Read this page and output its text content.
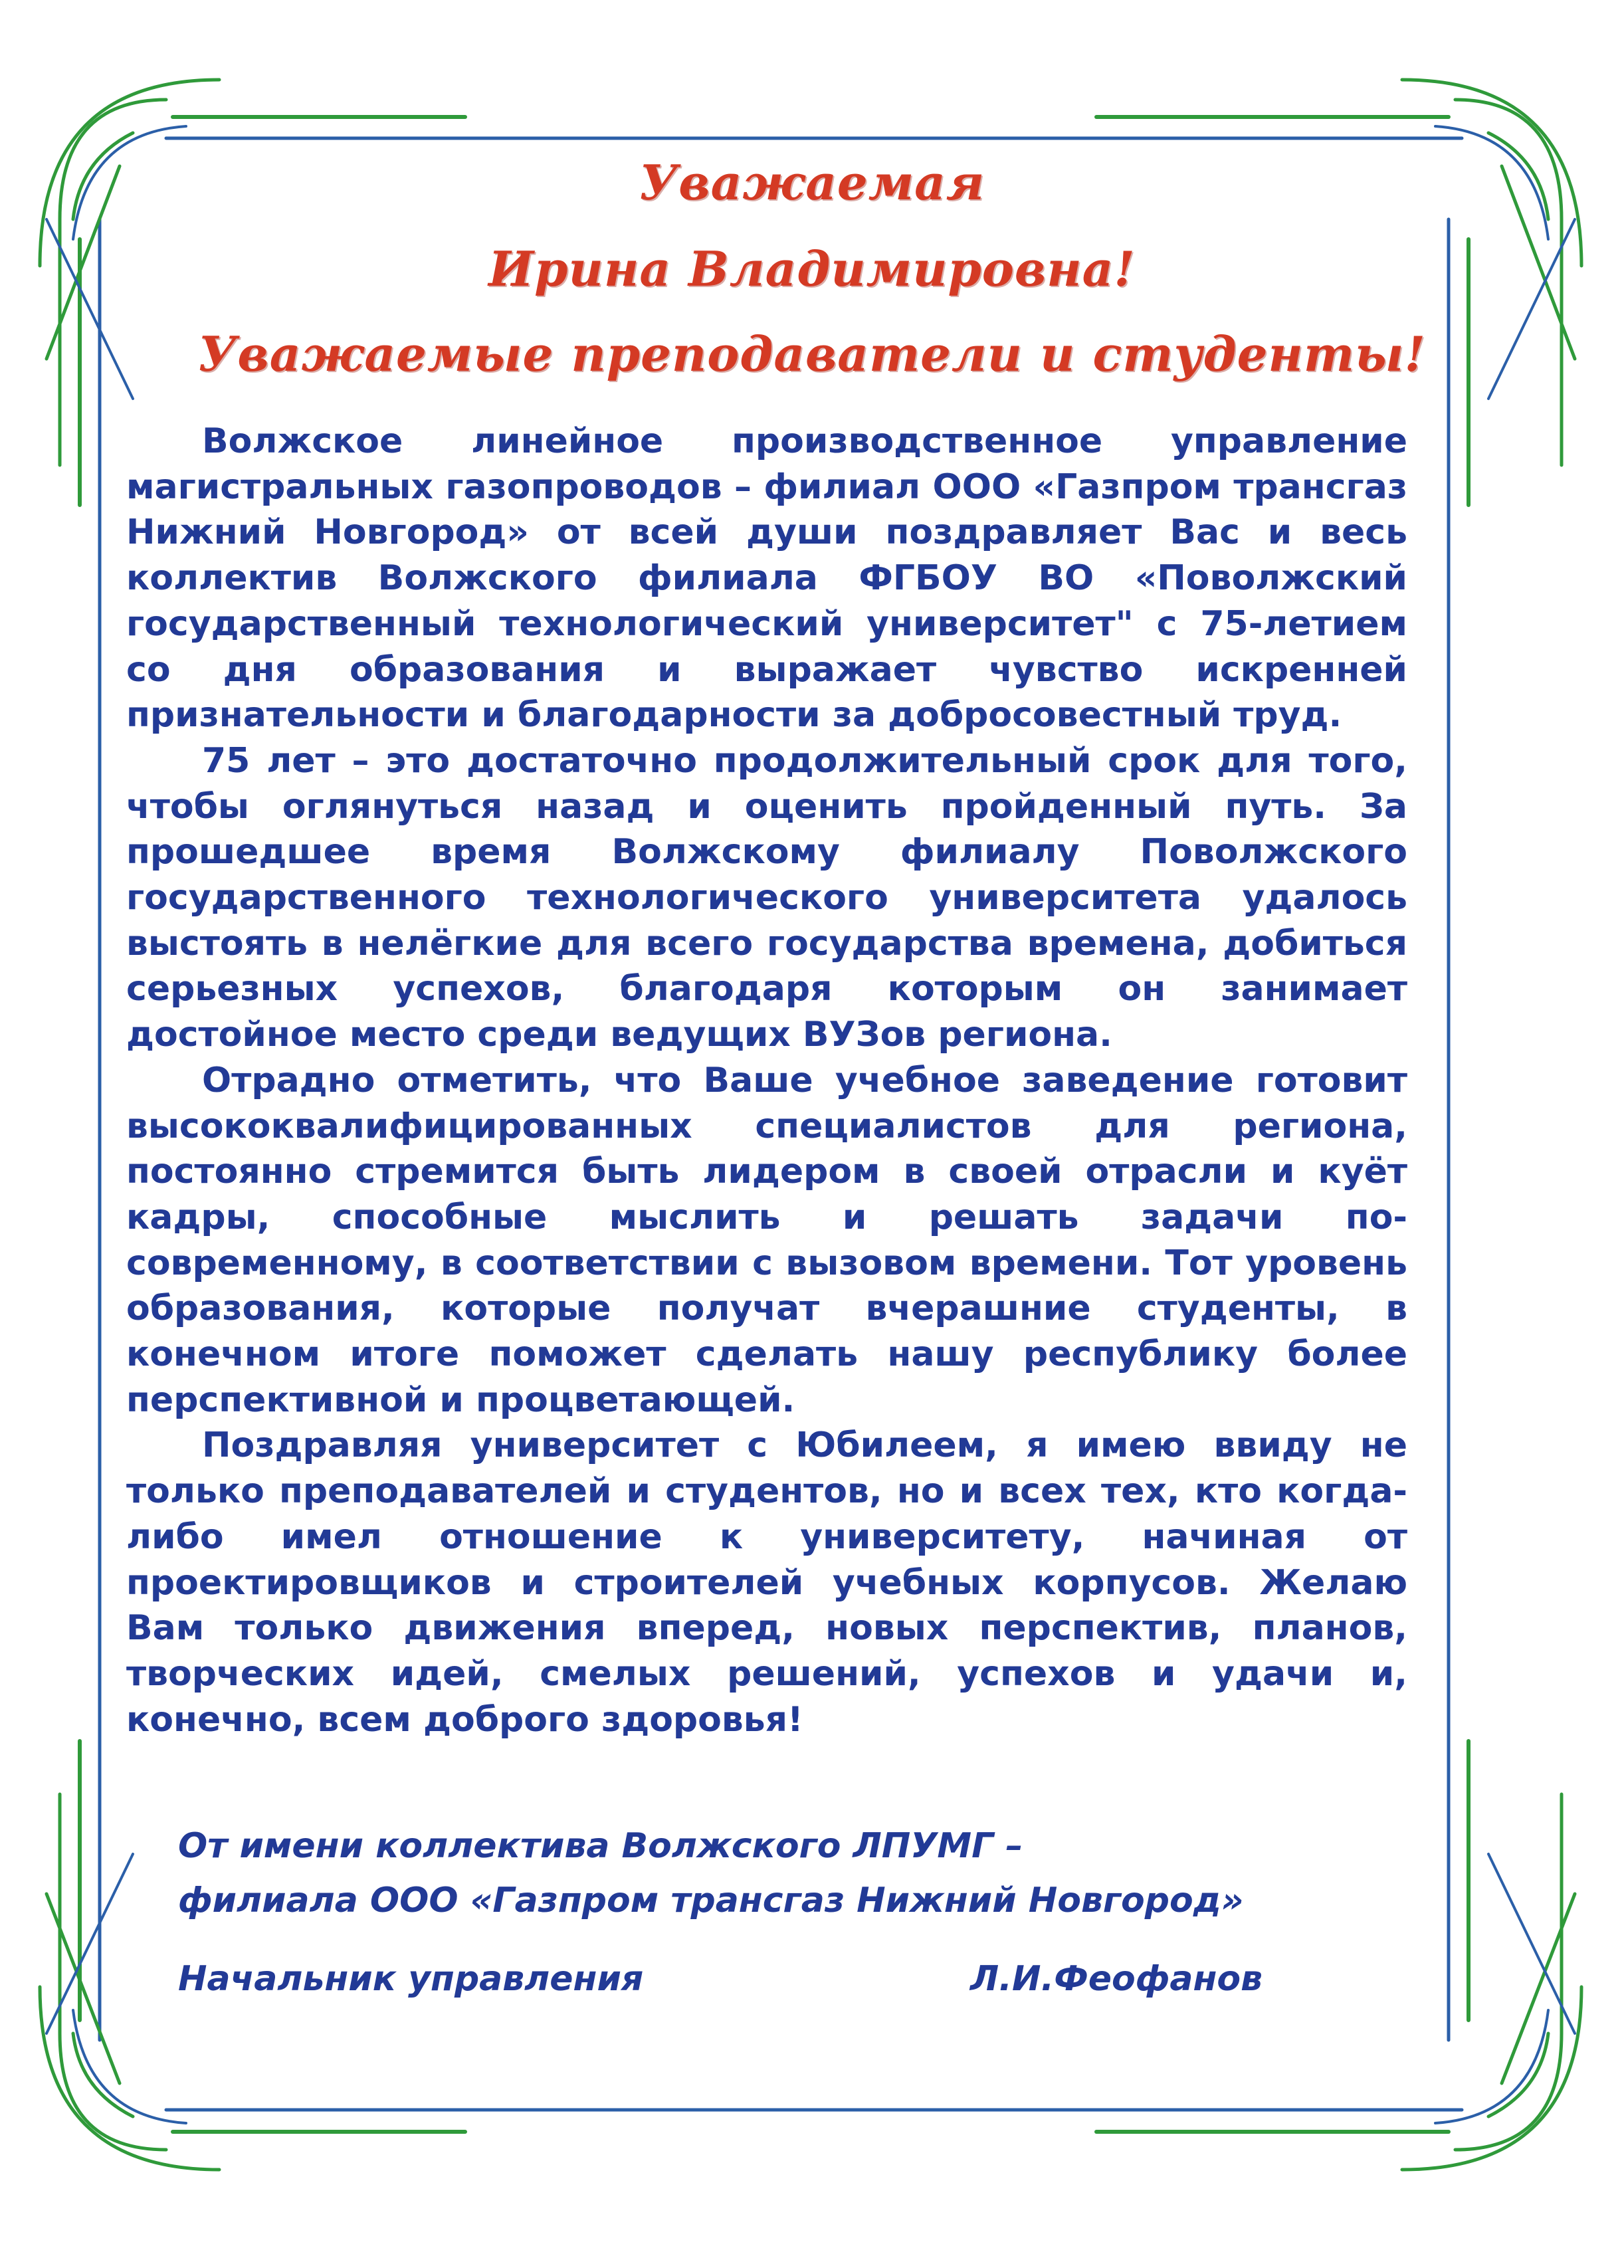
Уважаемая
Ирина Владимировна!
Уважаемые преподаватели и студенты!

Волжское линейное производственное управление магистральных газопроводов – филиал ООО «Газпром трансгаз Нижний Новгород» от всей души поздравляет Вас и весь коллектив Волжского филиала ФГБОУ ВО «Поволжский государственный технологический университет" с 75-летием со дня образования и выражает чувство искренней признательности и благодарности за добросовестный труд.

75 лет – это достаточно продолжительный срок для того, чтобы оглянуться назад и оценить пройденный путь. За прошедшее время Волжскому филиалу Поволжского государственного технологического университета удалось выстоять в нелёгкие для всего государства времена, добиться серьезных успехов, благодаря которым он занимает достойное место среди ведущих ВУЗов региона.

Отрадно отметить, что Ваше учебное заведение готовит высококвалифицированных специалистов для региона, постоянно стремится быть лидером в своей отрасли и куёт кадры, способные мыслить и решать задачи по-современному, в соответствии с вызовом времени. Тот уровень образования, которые получат вчерашние студенты, в конечном итоге поможет сделать нашу республику более перспективной и процветающей.

Поздравляя университет с Юбилеем, я имею ввиду не только преподавателей и студентов, но и всех тех, кто когда-либо имел отношение к университету, начиная от проектировщиков и строителей учебных корпусов. Желаю Вам только движения вперед, новых перспектив, планов, творческих идей, смелых решений, успехов и удачи и, конечно, всем доброго здоровья!

От имени коллектива Волжского ЛПУМГ –
филиала ООО «Газпром трансгаз Нижний Новгород»
Начальник управления	Л.И.Феофанов
